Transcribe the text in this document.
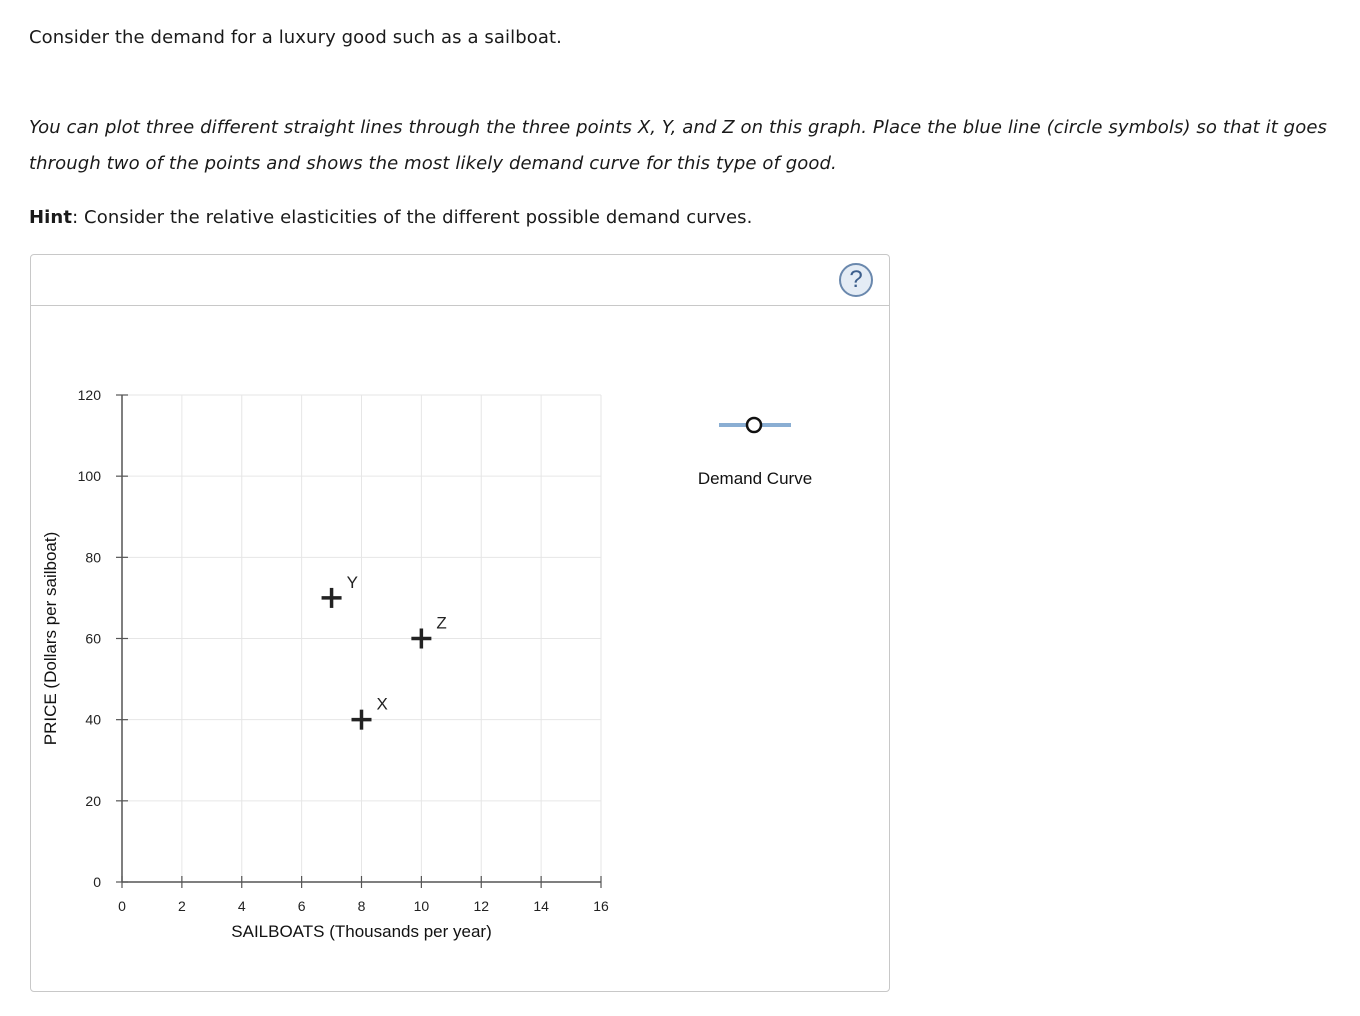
Consider the demand for a luxury good such as a sailboat.
You can plot three different straight lines through the three points X, Y, and Z on this graph. Place the blue line (circle symbols) so that it goes through two of the points and shows the most likely demand curve for this type of good.
Hint: Consider the relative elasticities of the different possible demand curves.
?
0
20
40
60
80
100
120
0	2	4	6	8	10	12	14	16
PRICE (Dollars per sailboat)
SAILBOATS (Thousands per year)
Y
Z
X
Demand Curve
